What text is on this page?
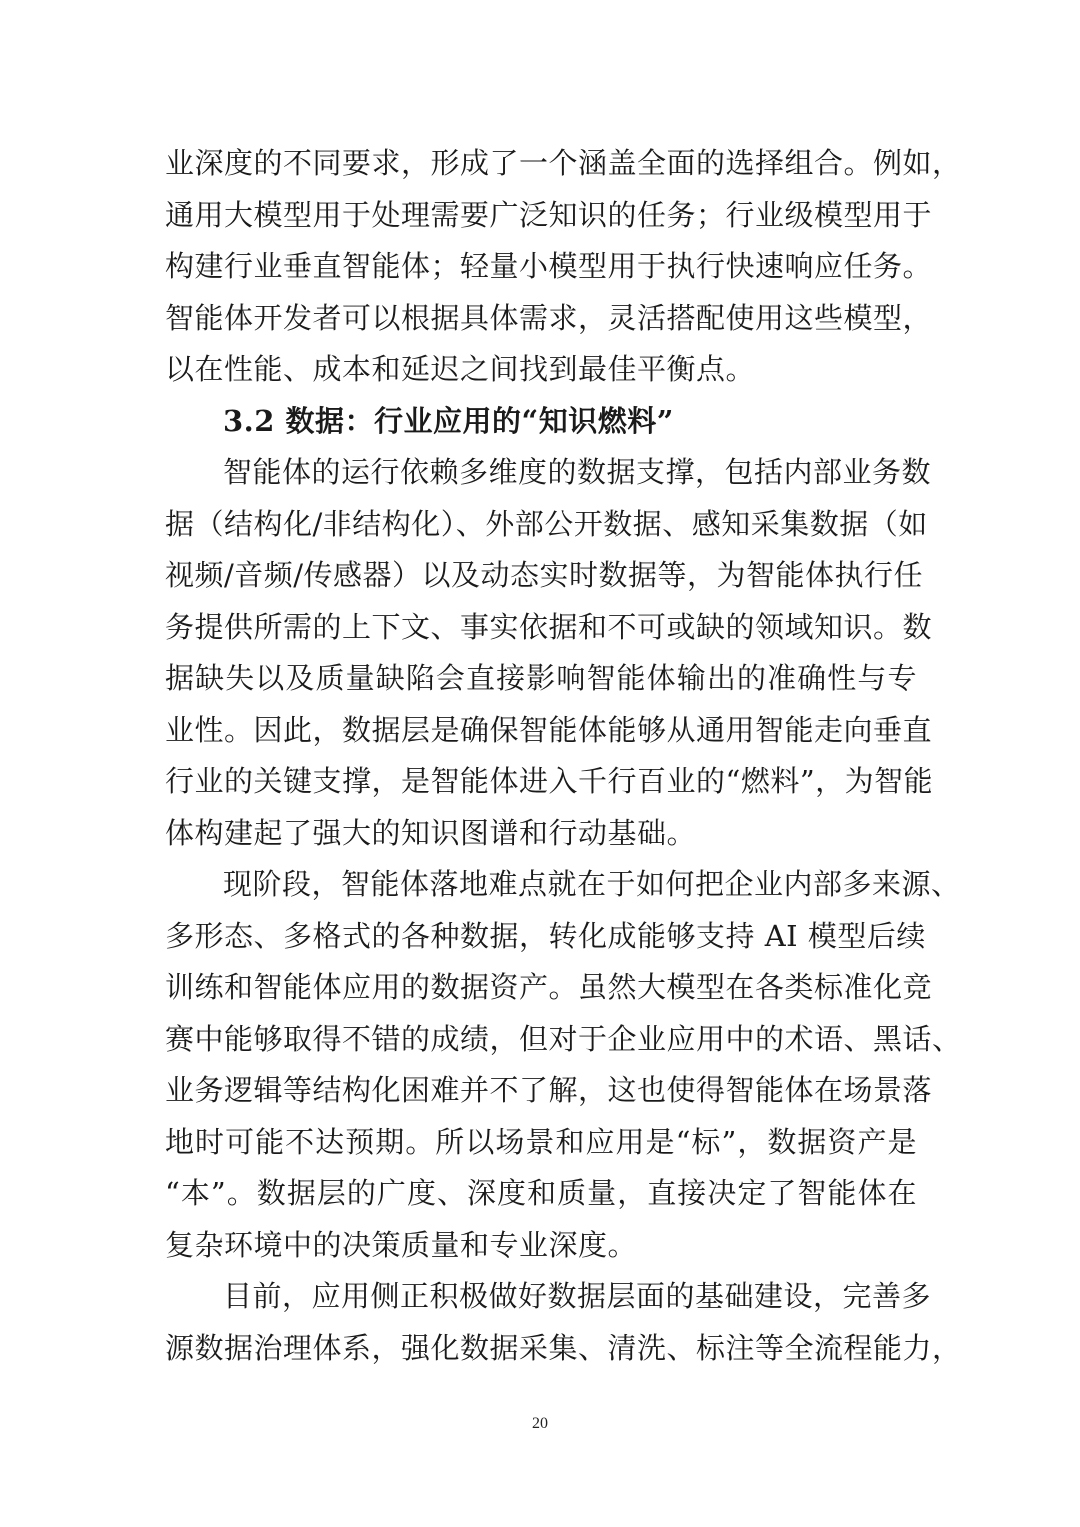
业深度的不同要求，形成了一个涵盖全面的选择组合。例如，
通用大模型用于处理需要广泛知识的任务；行业级模型用于
构建行业垂直智能体；轻量小模型用于执行快速响应任务。
智能体开发者可以根据具体需求，灵活搭配使用这些模型，
以在性能、成本和延迟之间找到最佳平衡点。
3.2 数据：行业应用的“知识燃料”
智能体的运行依赖多维度的数据支撑，包括内部业务数
据（结构化/非结构化）、外部公开数据、感知采集数据（如
视频/音频/传感器）以及动态实时数据等，为智能体执行任
务提供所需的上下文、事实依据和不可或缺的领域知识。数
据缺失以及质量缺陷会直接影响智能体输出的准确性与专
业性。因此，数据层是确保智能体能够从通用智能走向垂直
行业的关键支撑，是智能体进入千行百业的“燃料”，为智能
体构建起了强大的知识图谱和行动基础。
现阶段，智能体落地难点就在于如何把企业内部多来源、
多形态、多格式的各种数据，转化成能够支持 AI 模型后续
训练和智能体应用的数据资产。虽然大模型在各类标准化竞
赛中能够取得不错的成绩，但对于企业应用中的术语、黑话、
业务逻辑等结构化困难并不了解，这也使得智能体在场景落
地时可能不达预期。所以场景和应用是“标”，数据资产是
“本”。数据层的广度、深度和质量，直接决定了智能体在
复杂环境中的决策质量和专业深度。
目前，应用侧正积极做好数据层面的基础建设，完善多
源数据治理体系，强化数据采集、清洗、标注等全流程能力，
20
